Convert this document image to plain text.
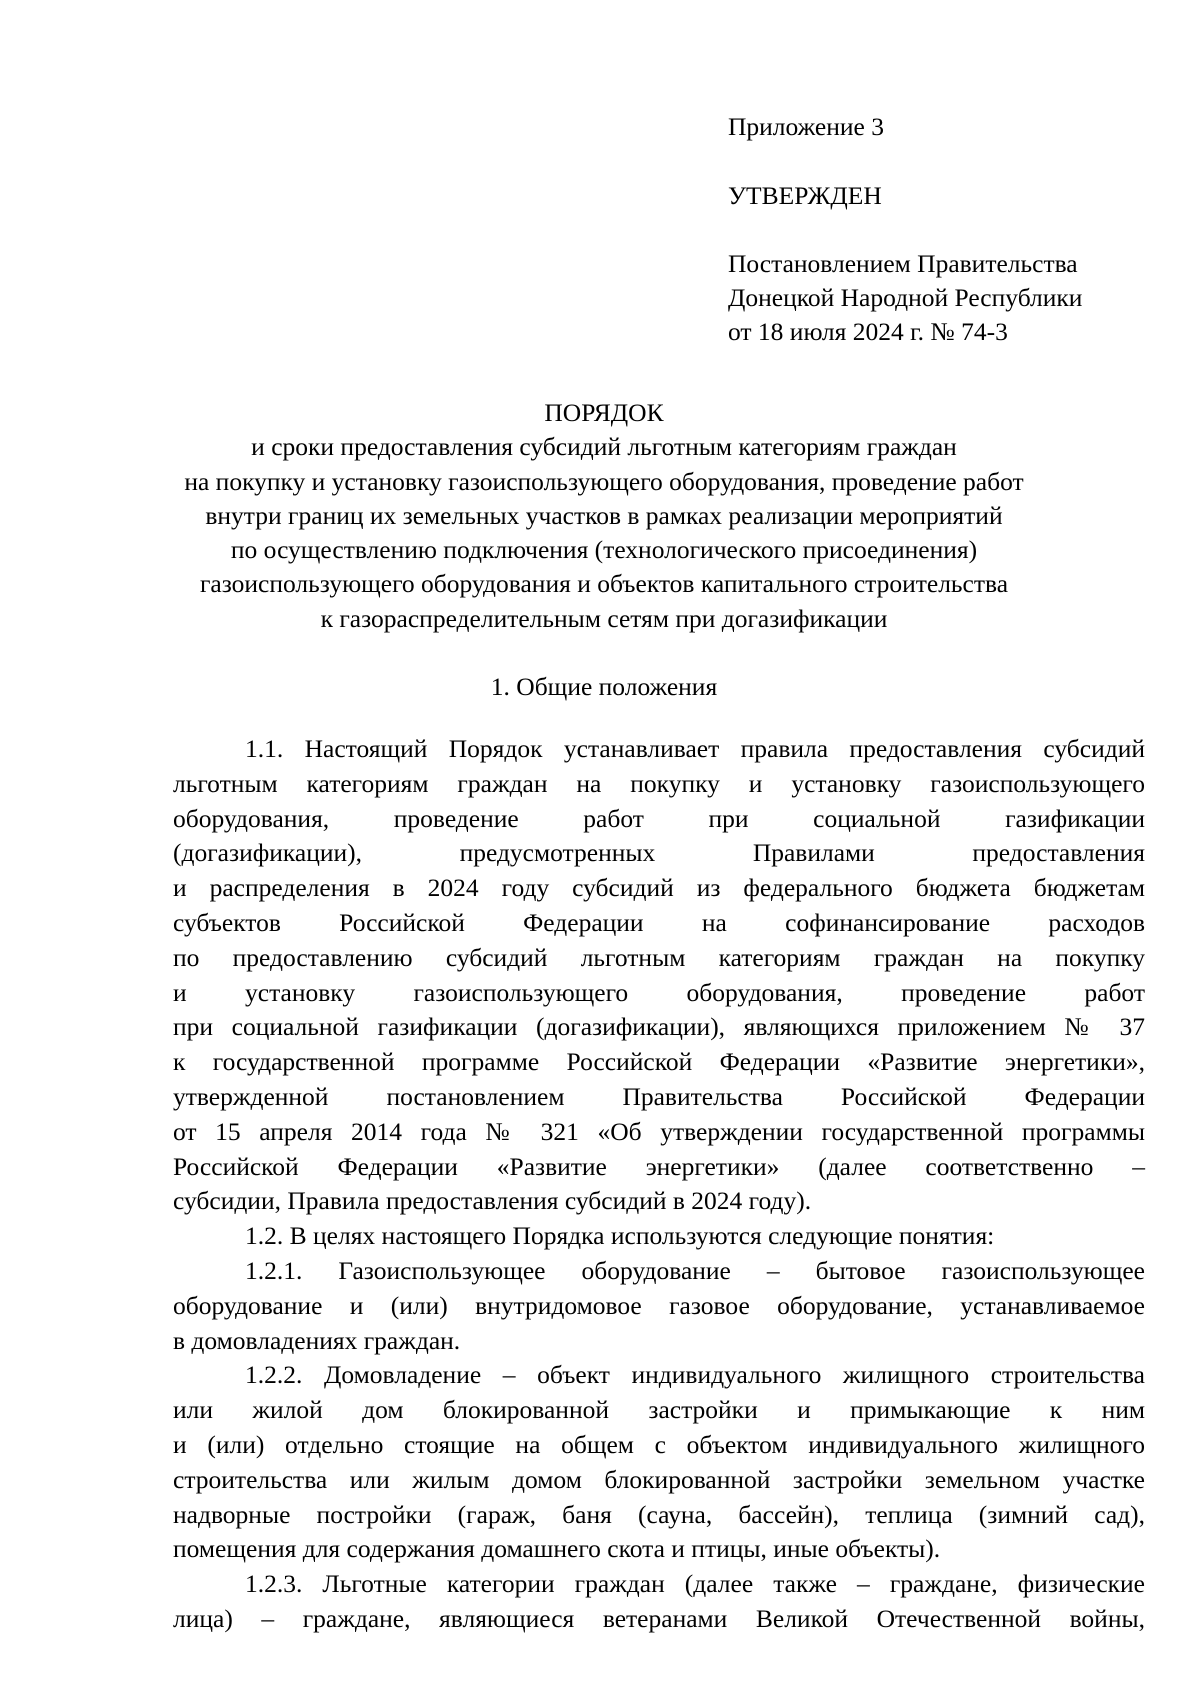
Приложение 3
УТВЕРЖДЕН
Постановлением Правительства
Донецкой Народной Республики
от 18 июля 2024 г. № 74-3
ПОРЯДОК
и сроки предоставления субсидий льготным категориям граждан
на покупку и установку газоиспользующего оборудования, проведение работ
внутри границ их земельных участков в рамках реализации мероприятий
по осуществлению подключения (технологического присоединения)
газоиспользующего оборудования и объектов капитального строительства
к газораспределительным сетям при догазификации
1. Общие положения
1.1. Настоящий Порядок устанавливает правила предоставления субсидий
льготным категориям граждан на покупку и установку газоиспользующего
оборудования, проведение работ при социальной газификации
(догазификации), предусмотренных Правилами предоставления
и распределения в 2024 году субсидий из федерального бюджета бюджетам
субъектов Российской Федерации на софинансирование расходов
по предоставлению субсидий льготным категориям граждан на покупку
и установку газоиспользующего оборудования, проведение работ
при социальной газификации (догазификации), являющихся приложением № 37
к государственной программе Российской Федерации «Развитие энергетики»,
утвержденной постановлением Правительства Российской Федерации
от 15 апреля 2014 года № 321 «Об утверждении государственной программы
Российской Федерации «Развитие энергетики» (далее соответственно –
субсидии, Правила предоставления субсидий в 2024 году).
1.2. В целях настоящего Порядка используются следующие понятия:
1.2.1. Газоиспользующее оборудование – бытовое газоиспользующее
оборудование и (или) внутридомовое газовое оборудование, устанавливаемое
в домовладениях граждан.
1.2.2. Домовладение – объект индивидуального жилищного строительства
или жилой дом блокированной застройки и примыкающие к ним
и (или) отдельно стоящие на общем с объектом индивидуального жилищного
строительства или жилым домом блокированной застройки земельном участке
надворные постройки (гараж, баня (сауна, бассейн), теплица (зимний сад),
помещения для содержания домашнего скота и птицы, иные объекты).
1.2.3. Льготные категории граждан (далее также – граждане, физические
лица) – граждане, являющиеся ветеранами Великой Отечественной войны,
